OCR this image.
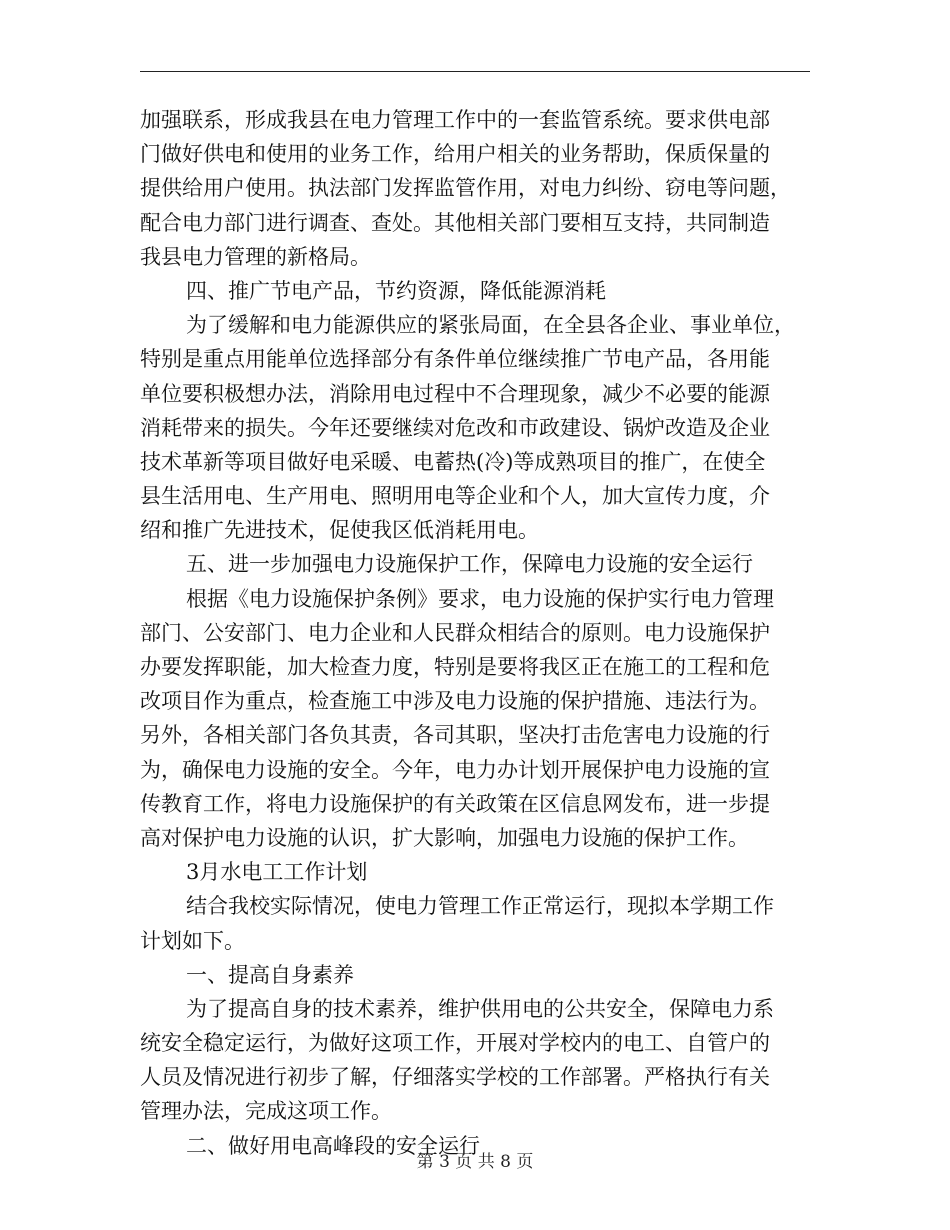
加强联系，形成我县在电力管理工作中的一套监管系统。要求供电部
门做好供电和使用的业务工作，给用户相关的业务帮助，保质保量的
提供给用户使用。执法部门发挥监管作用，对电力纠纷、窃电等问题，
配合电力部门进行调查、查处。其他相关部门要相互支持，共同制造
我县电力管理的新格局。
四、推广节电产品，节约资源，降低能源消耗
为了缓解和电力能源供应的紧张局面，在全县各企业、事业单位，
特别是重点用能单位选择部分有条件单位继续推广节电产品，各用能
单位要积极想办法，消除用电过程中不合理现象，减少不必要的能源
消耗带来的损失。今年还要继续对危改和市政建设、锅炉改造及企业
技术革新等项目做好电采暖、电蓄热(冷)等成熟项目的推广，在使全
县生活用电、生产用电、照明用电等企业和个人，加大宣传力度，介
绍和推广先进技术，促使我区低消耗用电。
五、进一步加强电力设施保护工作，保障电力设施的安全运行
根据《电力设施保护条例》要求，电力设施的保护实行电力管理
部门、公安部门、电力企业和人民群众相结合的原则。电力设施保护
办要发挥职能，加大检查力度，特别是要将我区正在施工的工程和危
改项目作为重点，检查施工中涉及电力设施的保护措施、违法行为。
另外，各相关部门各负其责，各司其职，坚决打击危害电力设施的行
为，确保电力设施的安全。今年，电力办计划开展保护电力设施的宣
传教育工作，将电力设施保护的有关政策在区信息网发布，进一步提
高对保护电力设施的认识，扩大影响，加强电力设施的保护工作。
3月水电工工作计划
结合我校实际情况，使电力管理工作正常运行，现拟本学期工作
计划如下。
一、提高自身素养
为了提高自身的技术素养，维护供用电的公共安全，保障电力系
统安全稳定运行，为做好这项工作，开展对学校内的电工、自管户的
人员及情况进行初步了解，仔细落实学校的工作部署。严格执行有关
管理办法，完成这项工作。
二、做好用电高峰段的安全运行
第 3 页 共 8 页
